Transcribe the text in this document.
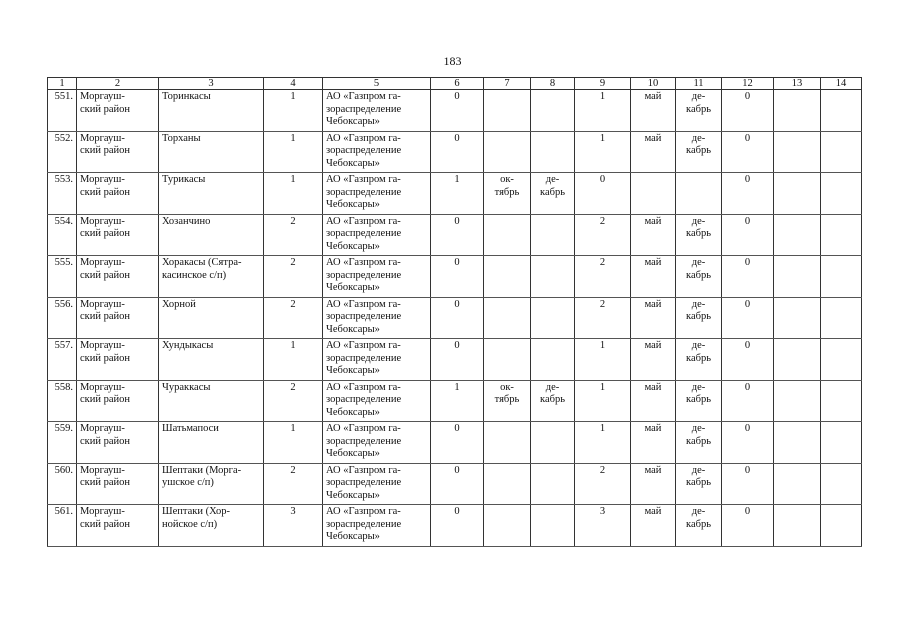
183
1	2	3	4	5	6	7	8	9	10	11	12	13	14
551.	Моргауш-
ский район	Торинкасы	1	АО «Газпром га-
зораспределение
Чебоксары»	0			1	май	де-
кабрь	0		
552.	Моргауш-
ский район	Торханы	1	АО «Газпром га-
зораспределение
Чебоксары»	0			1	май	де-
кабрь	0		
553.	Моргауш-
ский район	Турикасы	1	АО «Газпром га-
зораспределение
Чебоксары»	1	ок-
тябрь	де-
кабрь	0			0		
554.	Моргауш-
ский район	Хозанчино	2	АО «Газпром га-
зораспределение
Чебоксары»	0			2	май	де-
кабрь	0		
555.	Моргауш-
ский район	Хоракасы (Сятра-
касинское с/п)	2	АО «Газпром га-
зораспределение
Чебоксары»	0			2	май	де-
кабрь	0		
556.	Моргауш-
ский район	Хорной	2	АО «Газпром га-
зораспределение
Чебоксары»	0			2	май	де-
кабрь	0		
557.	Моргауш-
ский район	Хундыкасы	1	АО «Газпром га-
зораспределение
Чебоксары»	0			1	май	де-
кабрь	0		
558.	Моргауш-
ский район	Чураккасы	2	АО «Газпром га-
зораспределение
Чебоксары»	1	ок-
тябрь	де-
кабрь	1	май	де-
кабрь	0		
559.	Моргауш-
ский район	Шатьмапоси	1	АО «Газпром га-
зораспределение
Чебоксары»	0			1	май	де-
кабрь	0		
560.	Моргауш-
ский район	Шептаки (Морга-
ушское с/п)	2	АО «Газпром га-
зораспределение
Чебоксары»	0			2	май	де-
кабрь	0		
561.	Моргауш-
ский район	Шептаки (Хор-
нойское с/п)	3	АО «Газпром га-
зораспределение
Чебоксары»	0			3	май	де-
кабрь	0		
